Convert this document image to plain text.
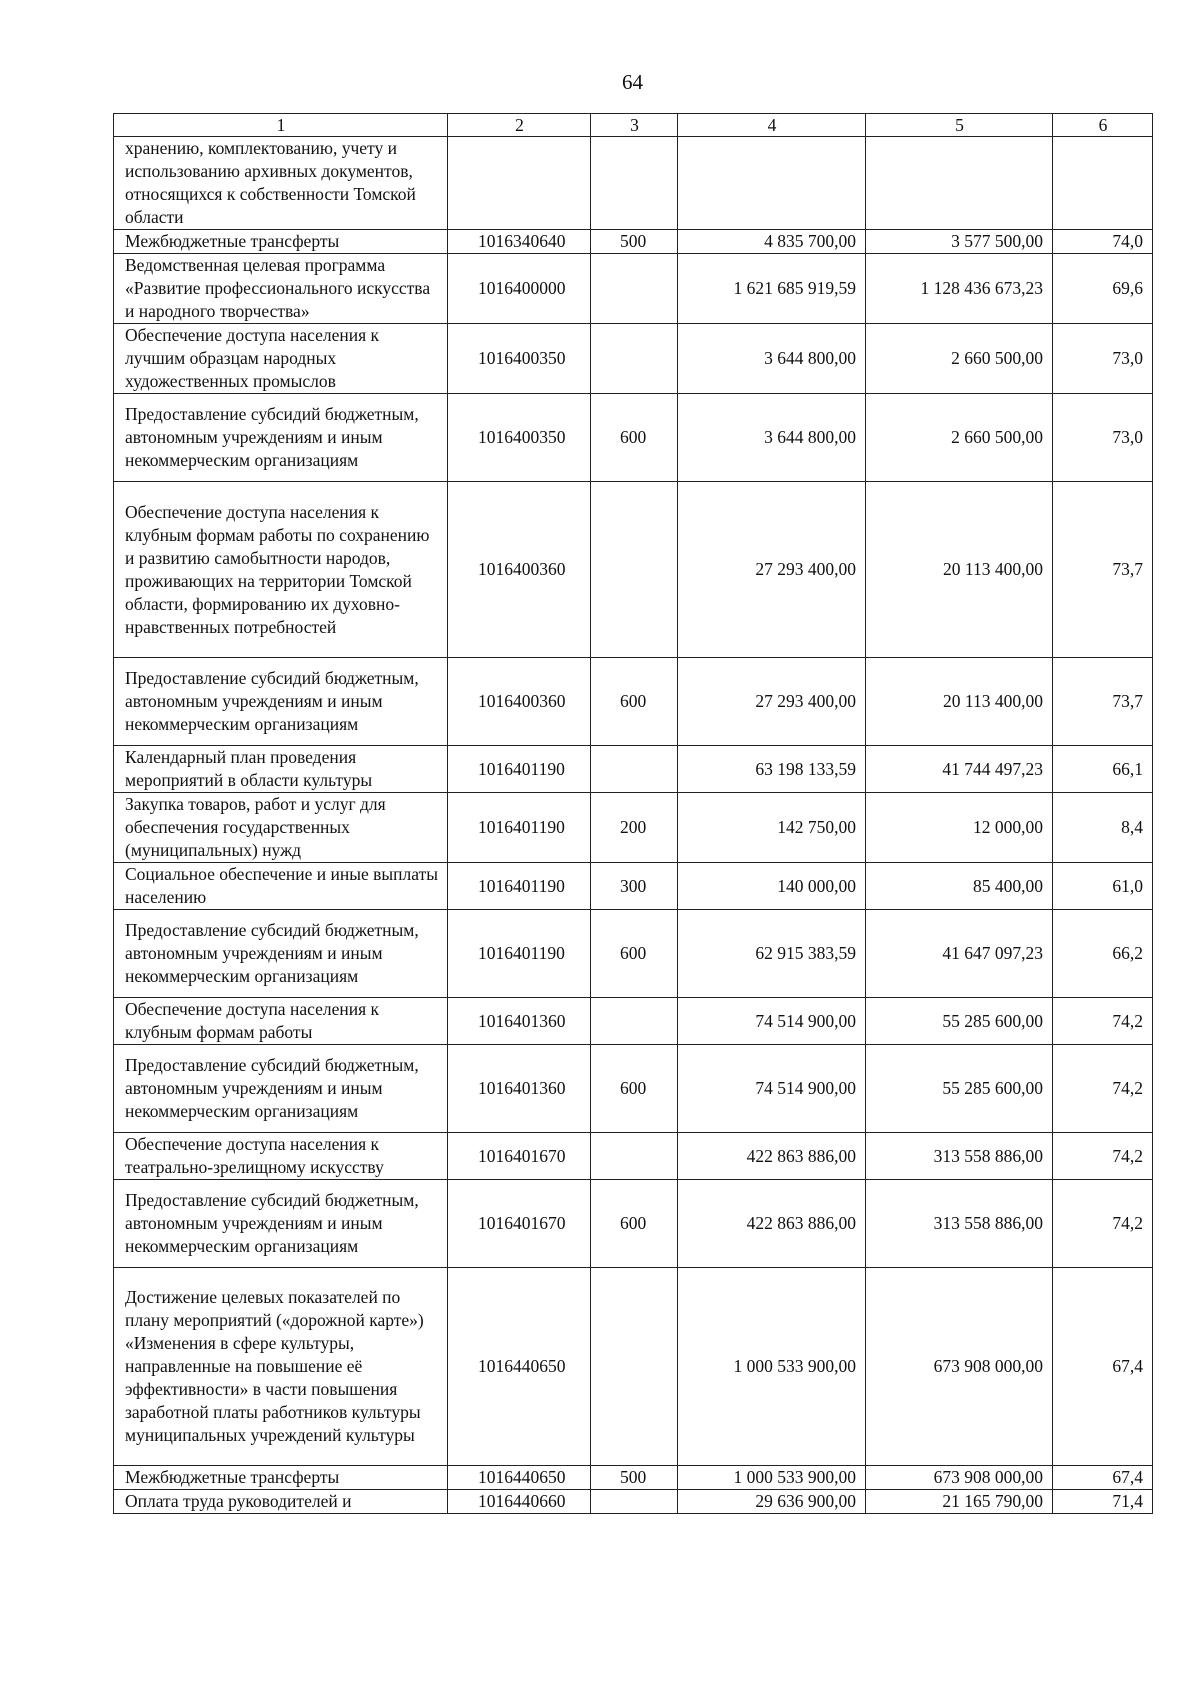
64
1	2	3	4	5	6
хранению, комплектованию, учету и использованию архивных документов, относящихся к собственности Томской области					
Межбюджетные трансферты	1016340640	500	4 835 700,00	3 577 500,00	74,0
Ведомственная целевая программа «Развитие профессионального искусства и народного творчества»	1016400000		1 621 685 919,59	1 128 436 673,23	69,6
Обеспечение доступа населения к лучшим образцам народных художественных промыслов	1016400350		3 644 800,00	2 660 500,00	73,0
Предоставление субсидий бюджетным, автономным учреждениям и иным некоммерческим организациям	1016400350	600	3 644 800,00	2 660 500,00	73,0
Обеспечение доступа населения к клубным формам работы по сохранению и развитию самобытности народов, проживающих на территории Томской области, формированию их духовно-нравственных потребностей	1016400360		27 293 400,00	20 113 400,00	73,7
Предоставление субсидий бюджетным, автономным учреждениям и иным некоммерческим организациям	1016400360	600	27 293 400,00	20 113 400,00	73,7
Календарный план проведения мероприятий в области культуры	1016401190		63 198 133,59	41 744 497,23	66,1
Закупка товаров, работ и услуг для обеспечения государственных (муниципальных) нужд	1016401190	200	142 750,00	12 000,00	8,4
Социальное обеспечение и иные выплаты населению	1016401190	300	140 000,00	85 400,00	61,0
Предоставление субсидий бюджетным, автономным учреждениям и иным некоммерческим организациям	1016401190	600	62 915 383,59	41 647 097,23	66,2
Обеспечение доступа населения к клубным формам работы	1016401360		74 514 900,00	55 285 600,00	74,2
Предоставление субсидий бюджетным, автономным учреждениям и иным некоммерческим организациям	1016401360	600	74 514 900,00	55 285 600,00	74,2
Обеспечение доступа населения к театрально-зрелищному искусству	1016401670		422 863 886,00	313 558 886,00	74,2
Предоставление субсидий бюджетным, автономным учреждениям и иным некоммерческим организациям	1016401670	600	422 863 886,00	313 558 886,00	74,2
Достижение целевых показателей по плану мероприятий («дорожной карте») «Изменения в сфере культуры, направленные на повышение её эффективности» в части повышения заработной платы работников культуры муниципальных учреждений культуры	1016440650		1 000 533 900,00	673 908 000,00	67,4
Межбюджетные трансферты	1016440650	500	1 000 533 900,00	673 908 000,00	67,4
Оплата труда руководителей и	1016440660		29 636 900,00	21 165 790,00	71,4
